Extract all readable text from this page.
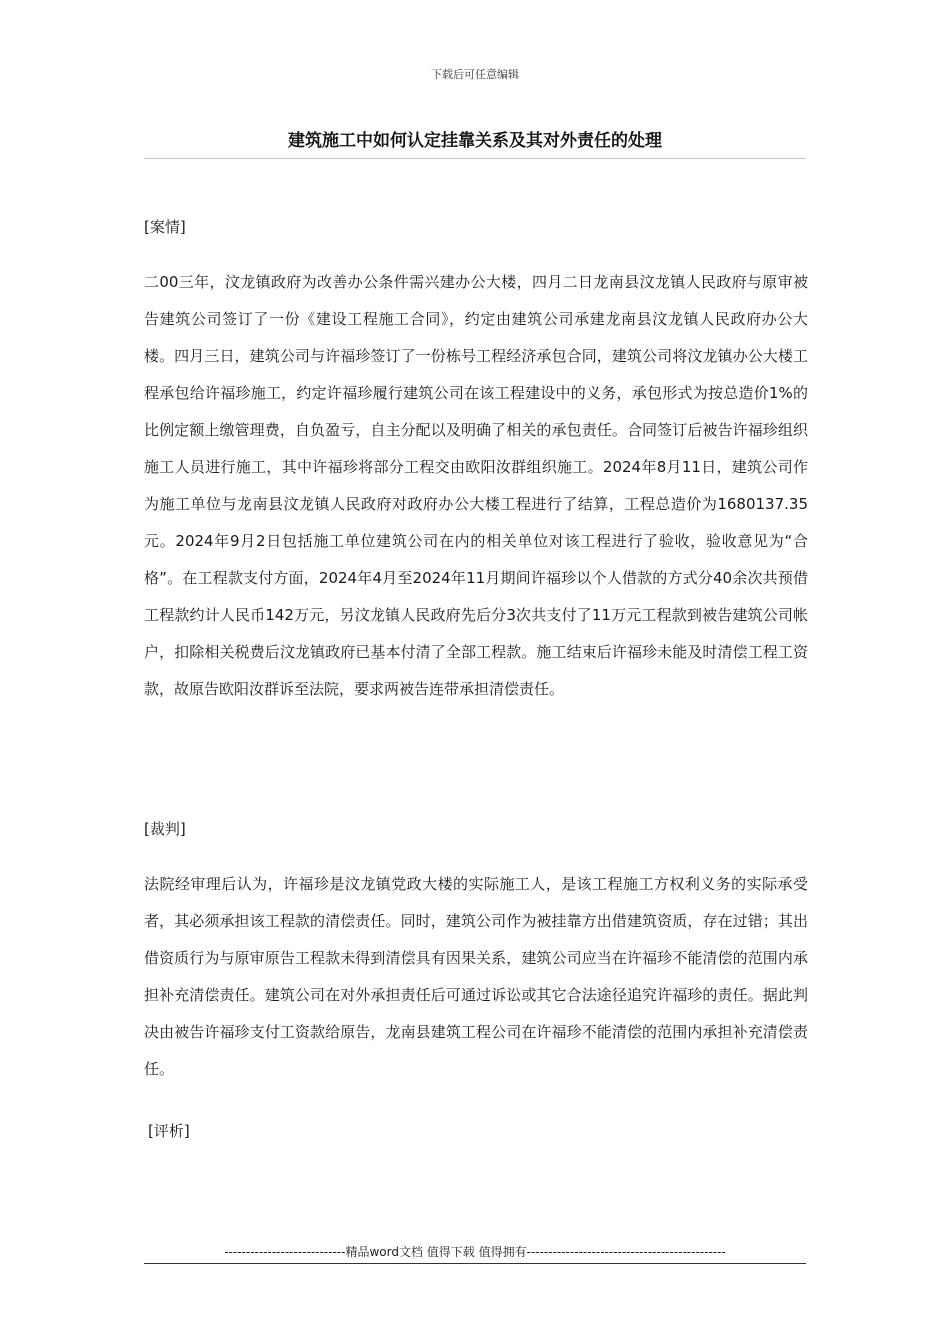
下载后可任意编辑
建筑施工中如何认定挂靠关系及其对外责任的处理
[案情]

二00三年，汶龙镇政府为改善办公条件需兴建办公大楼，四月二日龙南县汶龙镇人民政府与原审被告建筑公司签订了一份《建设工程施工合同》，约定由建筑公司承建龙南县汶龙镇人民政府办公大楼。四月三日，建筑公司与许福珍签订了一份栋号工程经济承包合同，建筑公司将汶龙镇办公大楼工程承包给许福珍施工，约定许福珍履行建筑公司在该工程建设中的义务，承包形式为按总造价1%的比例定额上缴管理费，自负盈亏，自主分配以及明确了相关的承包责任。合同签订后被告许福珍组织施工人员进行施工，其中许福珍将部分工程交由欧阳汝群组织施工。2024年8月11日，建筑公司作为施工单位与龙南县汶龙镇人民政府对政府办公大楼工程进行了结算，工程总造价为1680137.35元。2024年9月2日包括施工单位建筑公司在内的相关单位对该工程进行了验收，验收意见为“合格”。在工程款支付方面，2024年4月至2024年11月期间许福珍以个人借款的方式分40余次共预借工程款约计人民币142万元，另汶龙镇人民政府先后分3次共支付了11万元工程款到被告建筑公司帐户，扣除相关税费后汶龙镇政府已基本付清了全部工程款。施工结束后许福珍未能及时清偿工程工资款，故原告欧阳汝群诉至法院，要求两被告连带承担清偿责任。

[裁判]

法院经审理后认为，许福珍是汶龙镇党政大楼的实际施工人，是该工程施工方权利义务的实际承受者，其必须承担该工程款的清偿责任。同时，建筑公司作为被挂靠方出借建筑资质，存在过错；其出借资质行为与原审原告工程款未得到清偿具有因果关系，建筑公司应当在许福珍不能清偿的范围内承担补充清偿责任。建筑公司在对外承担责任后可通过诉讼或其它合法途径追究许福珍的责任。据此判决由被告许福珍支付工资款给原告，龙南县建筑工程公司在许福珍不能清偿的范围内承担补充清偿责任。

[评析]
----------------------------精品word文档 值得下载 值得拥有----------------------------------------------
